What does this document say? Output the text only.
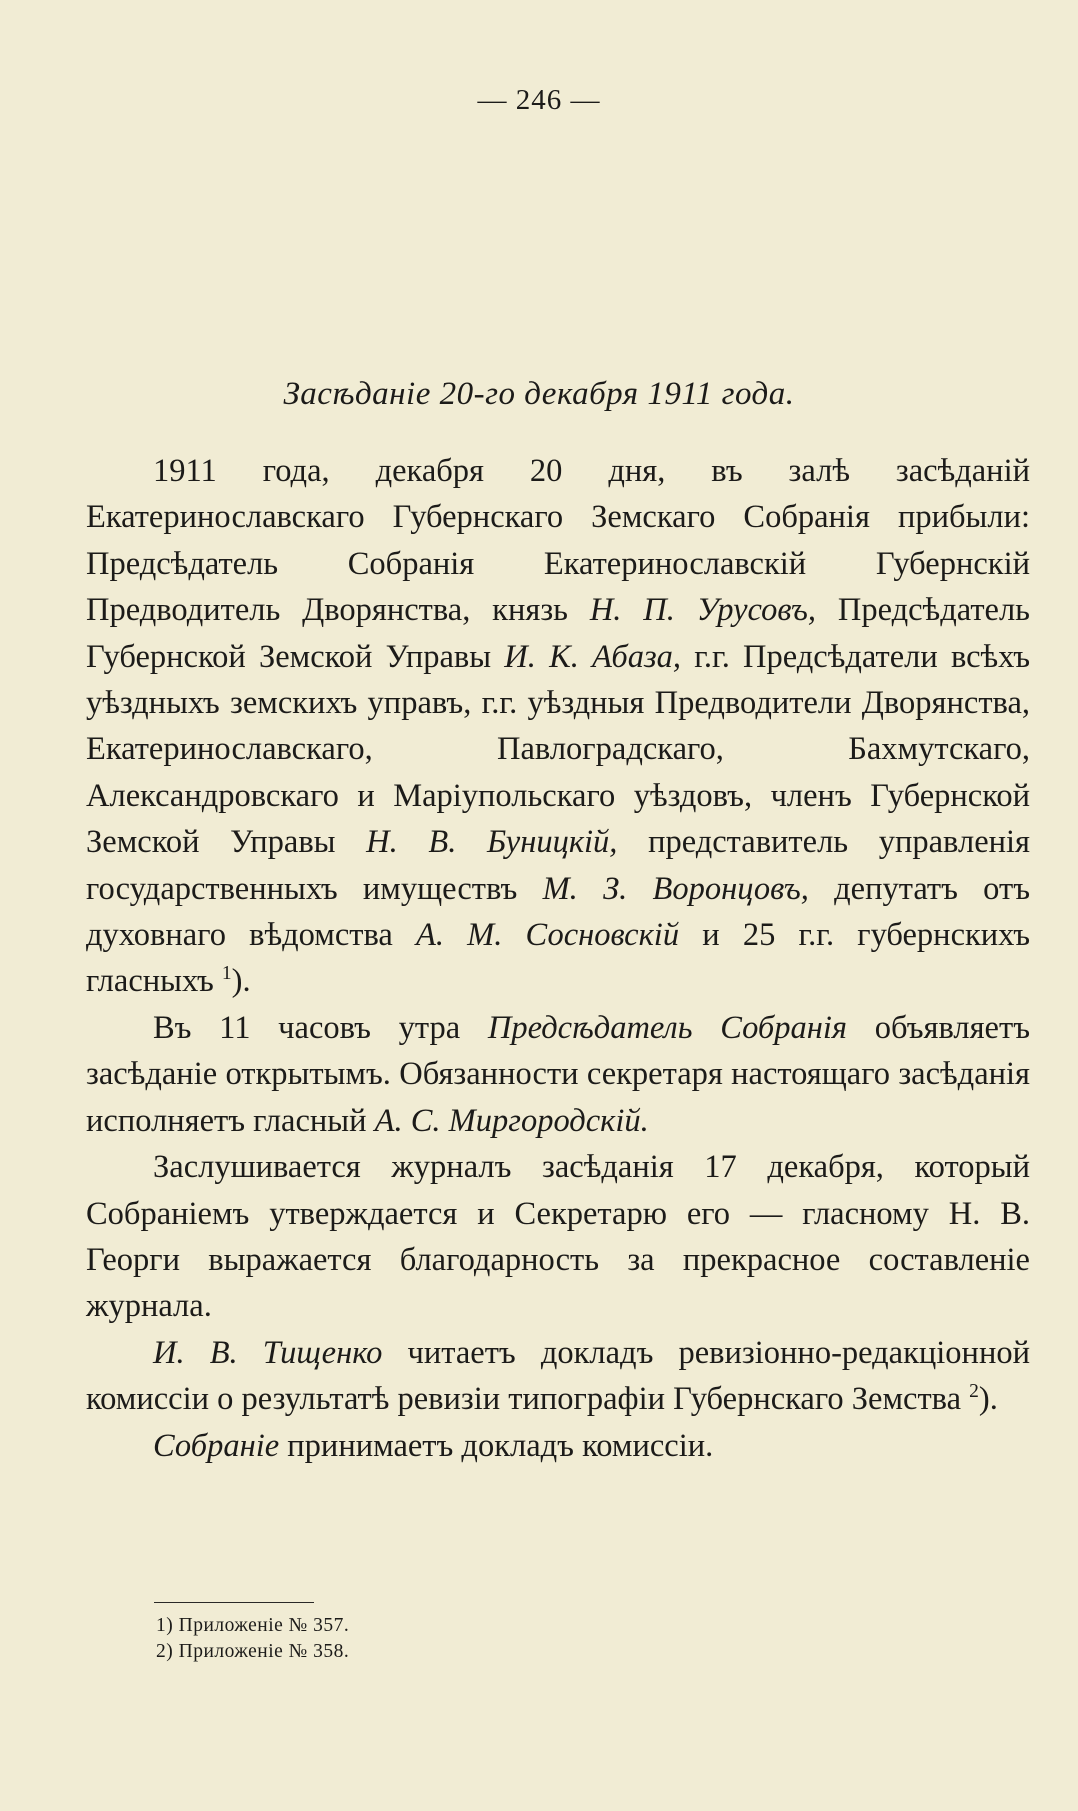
— 246 —
Засѣданіе 20-го декабря 1911 года.

1911 года, декабря 20 дня, въ залѣ засѣданій Екатеринославскаго Губернскаго Земскаго Собранія прибыли: Предсѣдатель Собранія Екатеринославскій Губернскій Предводитель Дворянства, князь Н. П. Урусовъ, Предсѣдатель Губернской Земской Управы И. К. Абаза, г.г. Предсѣдатели всѣхъ уѣздныхъ земскихъ управъ, г.г. уѣздныя Предводители Дворянства, Екатеринославскаго, Павлоградскаго, Бахмутскаго, Александровскаго и Маріупольскаго уѣздовъ, членъ Губернской Земской Управы Н. В. Буницкій, представитель управленія государственныхъ имуществъ М. З. Воронцовъ, депутатъ отъ духовнаго вѣдомства А. М. Сосновскій и 25 г.г. губернскихъ гласныхъ $^1$).

Въ 11 часовъ утра Предсѣдатель Собранія объявляетъ засѣданіе открытымъ. Обязанности секретаря настоящаго засѣданія исполняетъ гласный А. С. Миргородскій.

Заслушивается журналъ засѣданія 17 декабря, который Собраніемъ утверждается и Секретарю его — гласному Н. В. Георги выражается благодарность за прекрасное составленіе журнала.

И. В. Тищенко читаетъ докладъ ревизіонно-редакціонной комиссіи о результатѣ ревизіи типографіи Губернскаго Земства $^2$).

Собраніе принимаетъ докладъ комиссіи.

1) Приложеніе № 357.
2) Приложеніе № 358.
